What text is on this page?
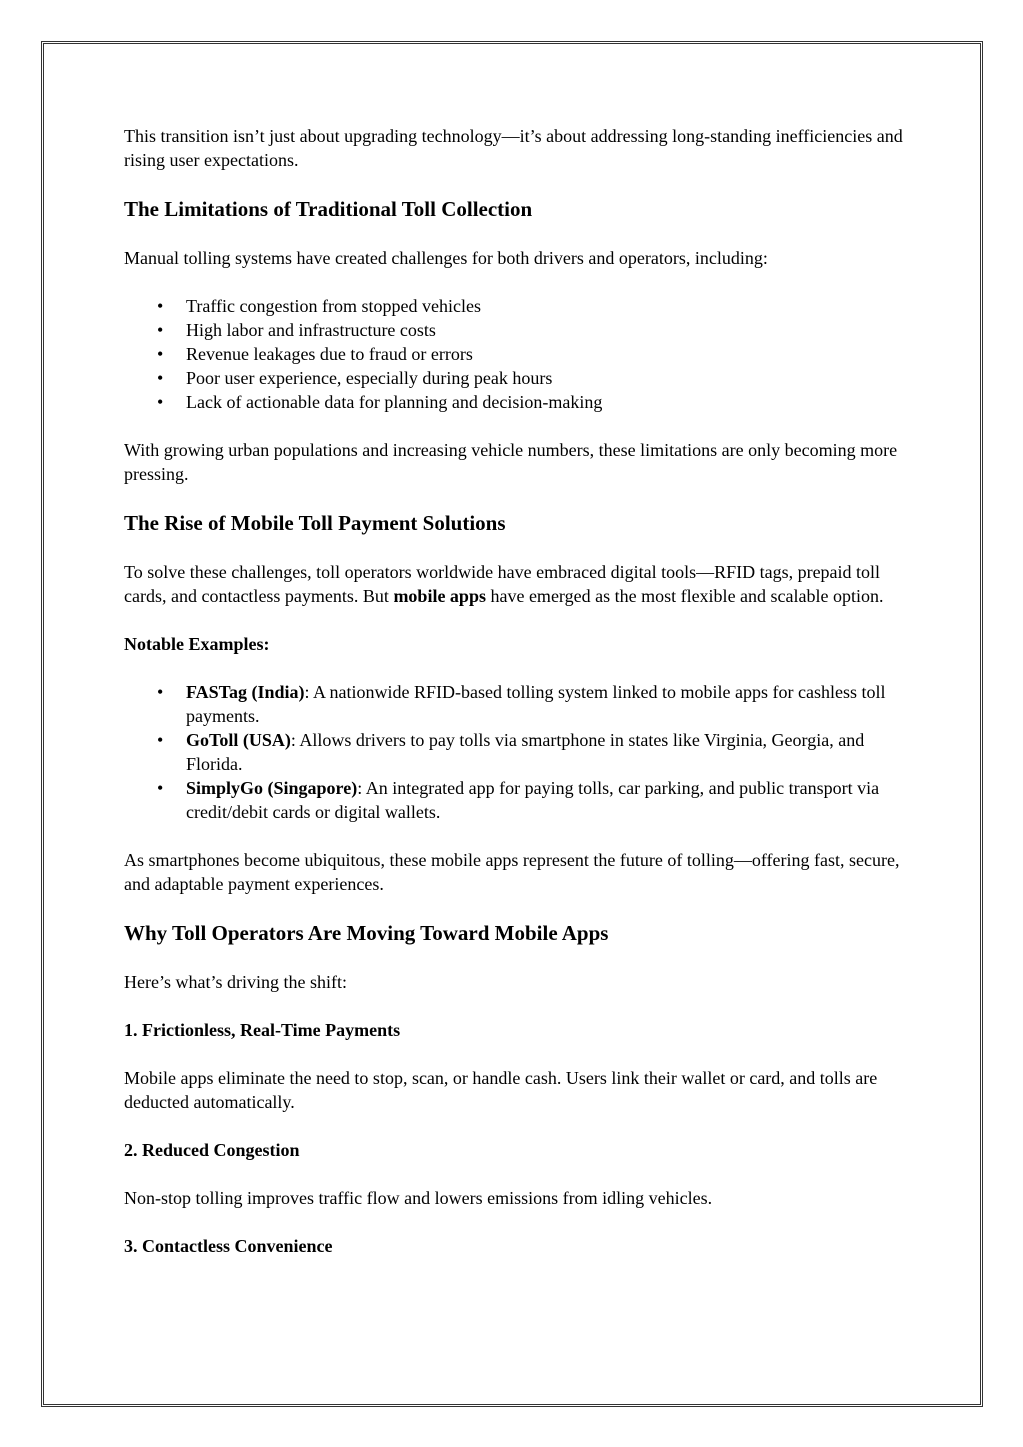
This transition isn’t just about upgrading technology—it’s about addressing long-standing inefficiencies and rising user expectations.

The Limitations of Traditional Toll Collection

Manual tolling systems have created challenges for both drivers and operators, including:

• Traffic congestion from stopped vehicles
• High labor and infrastructure costs
• Revenue leakages due to fraud or errors
• Poor user experience, especially during peak hours
• Lack of actionable data for planning and decision-making

With growing urban populations and increasing vehicle numbers, these limitations are only becoming more pressing.

The Rise of Mobile Toll Payment Solutions

To solve these challenges, toll operators worldwide have embraced digital tools—RFID tags, prepaid toll cards, and contactless payments. But mobile apps have emerged as the most flexible and scalable option.

Notable Examples:
• FASTag (India): A nationwide RFID-based tolling system linked to mobile apps for cashless toll payments.
• GoToll (USA): Allows drivers to pay tolls via smartphone in states like Virginia, Georgia, and Florida.
• SimplyGo (Singapore): An integrated app for paying tolls, car parking, and public transport via credit/debit cards or digital wallets.

As smartphones become ubiquitous, these mobile apps represent the future of tolling—offering fast, secure, and adaptable payment experiences.

Why Toll Operators Are Moving Toward Mobile Apps

Here’s what’s driving the shift:

1. Frictionless, Real-Time Payments

Mobile apps eliminate the need to stop, scan, or handle cash. Users link their wallet or card, and tolls are deducted automatically.

2. Reduced Congestion

Non-stop tolling improves traffic flow and lowers emissions from idling vehicles.

3. Contactless Convenience
